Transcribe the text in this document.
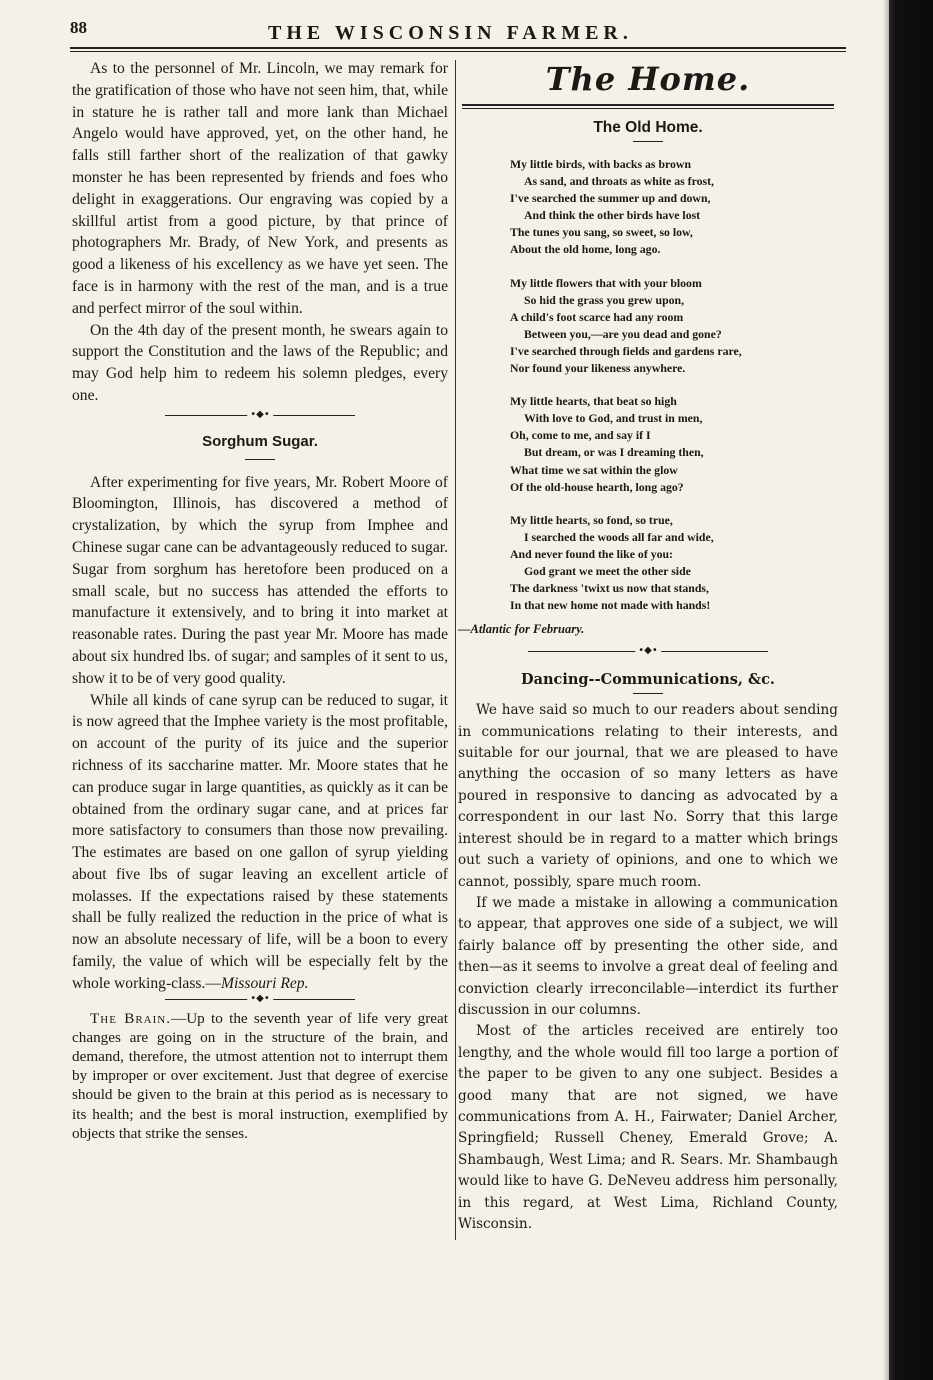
88	THE WISCONSIN FARMER.

As to the personnel of Mr. Lincoln, we may remark for the gratification of those who have not seen him, that, while in stature he is rather tall and more lank than Michael Angelo would have approved, yet, on the other hand, he falls still farther short of the realization of that gawky monster he has been represented by friends and foes who delight in exaggerations. Our engraving was copied by a skillful artist from a good picture, by that prince of photographers Mr. Brady, of New York, and presents as good a likeness of his excellency as we have yet seen. The face is in harmony with the rest of the man, and is a true and perfect mirror of the soul within.

On the 4th day of the present month, he swears again to support the Constitution and the laws of the Republic; and may God help him to redeem his solemn pledges, every one.

•◆•
Sorghum Sugar.

After experimenting for five years, Mr. Robert Moore of Bloomington, Illinois, has discovered a method of crystalization, by which the syrup from Imphee and Chinese sugar cane can be advantageously reduced to sugar. Sugar from sorghum has heretofore been produced on a small scale, but no success has attended the efforts to manufacture it extensively, and to bring it into market at reasonable rates. During the past year Mr. Moore has made about six hundred lbs. of sugar; and samples of it sent to us, show it to be of very good quality.

While all kinds of cane syrup can be reduced to sugar, it is now agreed that the Imphee variety is the most profitable, on account of the purity of its juice and the superior richness of its saccharine matter. Mr. Moore states that he can produce sugar in large quantities, as quickly as it can be obtained from the ordinary sugar cane, and at prices far more satisfactory to consumers than those now prevailing. The estimates are based on one gallon of syrup yielding about five lbs of sugar leaving an excellent article of molasses. If the expectations raised by these statements shall be fully realized the reduction in the price of what is now an absolute necessary of life, will be a boon to every family, the value of which will be especially felt by the whole working-class.—Missouri Rep.

•◆•

The Brain.—Up to the seventh year of life very great changes are going on in the structure of the brain, and demand, therefore, the utmost attention not to interrupt them by improper or over excitement. Just that degree of exercise should be given to the brain at this period as is necessary to its health; and the best is moral instruction, exemplified by objects that strike the senses.

The Home.
The Old Home.
My little birds, with backs as brown
As sand, and throats as white as frost,
I've searched the summer up and down,
And think the other birds have lost
The tunes you sang, so sweet, so low,
About the old home, long ago.
My little flowers that with your bloom
So hid the grass you grew upon,
A child's foot scarce had any room
Between you,—are you dead and gone?
I've searched through fields and gardens rare,
Nor found your likeness anywhere.
My little hearts, that beat so high
With love to God, and trust in men,
Oh, come to me, and say if I
But dream, or was I dreaming then,
What time we sat within the glow
Of the old-house hearth, long ago?
My little hearts, so fond, so true,
I searched the woods all far and wide,
And never found the like of you:
God grant we meet the other side
The darkness 'twixt us now that stands,
In that new home not made with hands!
—Atlantic for February.
•◆•
Dancing--Communications, &c.

We have said so much to our readers about sending in communications relating to their interests, and suitable for our journal, that we are pleased to have anything the occasion of so many letters as have poured in responsive to dancing as advocated by a correspondent in our last No. Sorry that this large interest should be in regard to a matter which brings out such a variety of opinions, and one to which we cannot, possibly, spare much room.

If we made a mistake in allowing a communication to appear, that approves one side of a subject, we will fairly balance off by presenting the other side, and then—as it seems to involve a great deal of feeling and conviction clearly irreconcilable—interdict its further discussion in our columns.

Most of the articles received are entirely too lengthy, and the whole would fill too large a portion of the paper to be given to any one subject. Besides a good many that are not signed, we have communications from A. H., Fairwater; Daniel Archer, Springfield; Russell Cheney, Emerald Grove; A. Shambaugh, West Lima; and R. Sears. Mr. Shambaugh would like to have G. DeNeveu address him personally, in this regard, at West Lima, Richland County, Wisconsin.
